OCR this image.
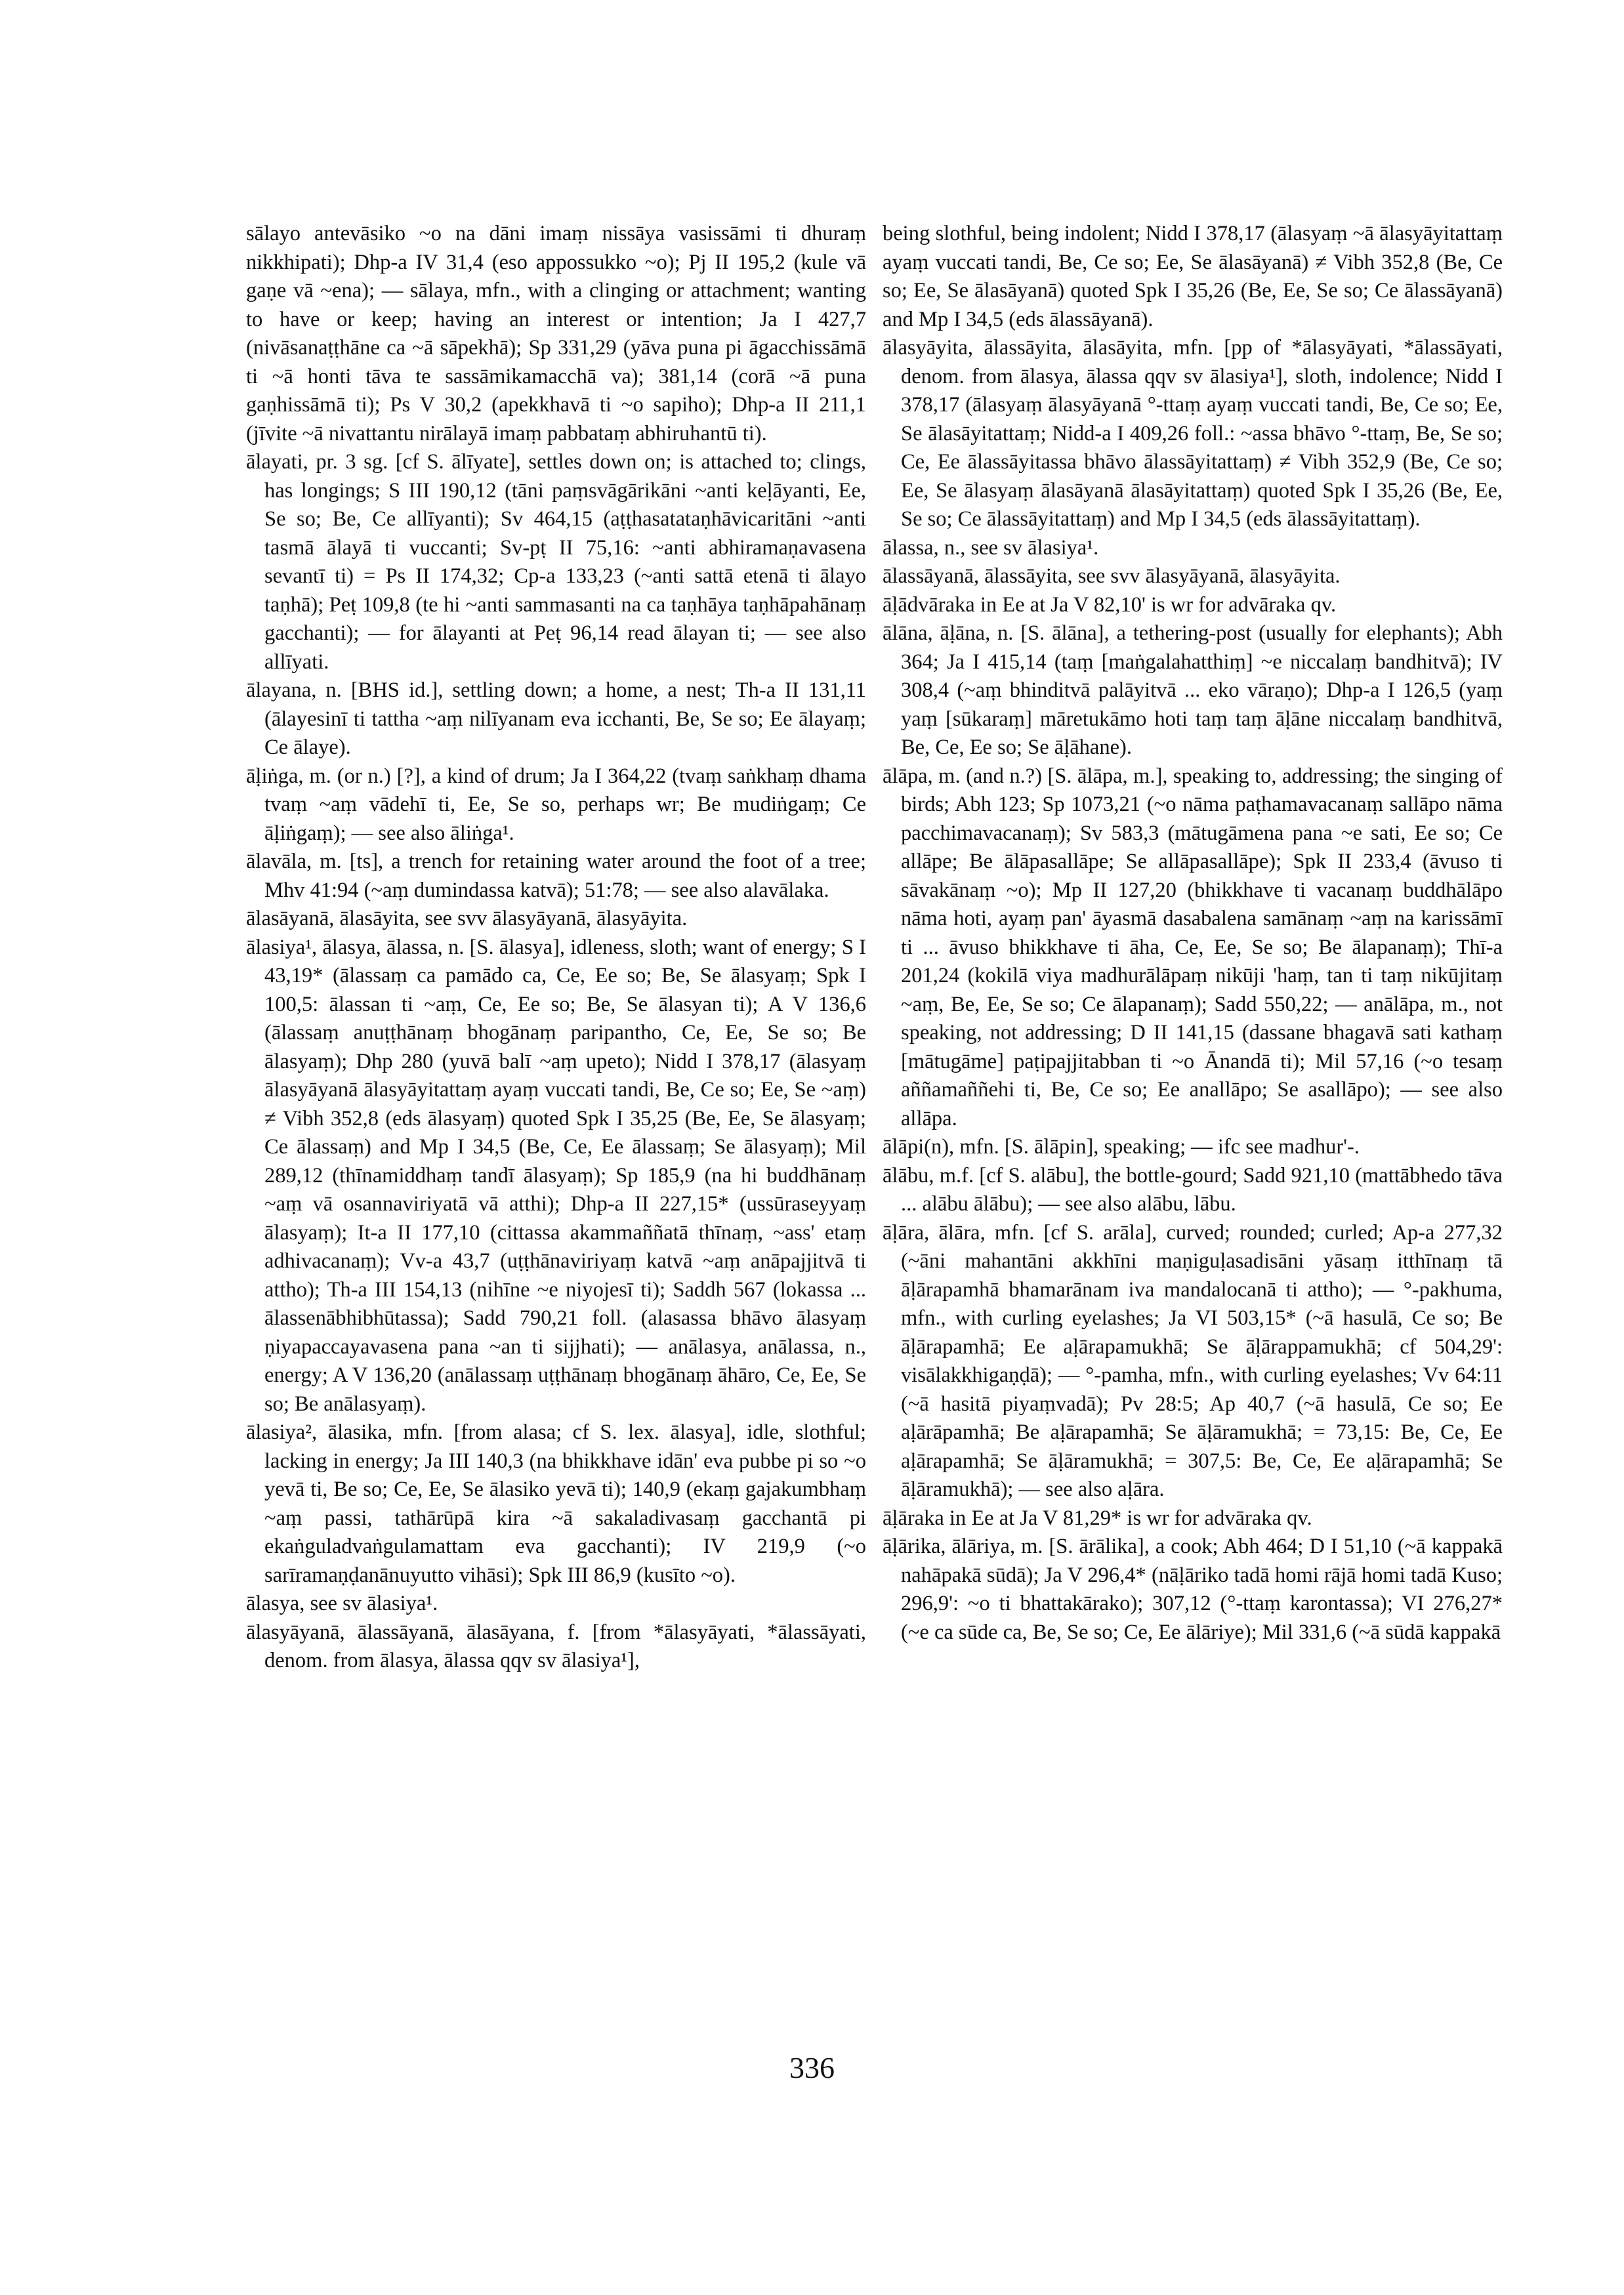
sālayo antevāsiko ~o na dāni imaṃ nissāya vasissāmi ti dhuraṃ nikkhipati); Dhp-a IV 31,4 (eso appossukko ~o); Pj II 195,2 (kule vā gaṇe vā ~ena); — sālaya, mfn., with a clinging or attachment; wanting to have or keep; having an interest or intention; Ja I 427,7 (nivāsanaṭṭhāne ca ~ā sāpekhā); Sp 331,29 (yāva puna pi āgacchissāmā ti ~ā honti tāva te sassāmikamacchā va); 381,14 (corā ~ā puna gaṇhissāmā ti); Ps V 30,2 (apekkhavā ti ~o sapiho); Dhp-a II 211,1 (jīvite ~ā nivattantu nirālayā imaṃ pabbataṃ abhiruhantū ti).

ālayati, pr. 3 sg. [cf S. ālīyate], settles down on; is attached to; clings, has longings; S III 190,12 (tāni paṃsvāgārikāni ~anti keḷāyanti, Ee, Se so; Be, Ce allīyanti); Sv 464,15 (aṭṭhasatataṇhāvicaritāni ~anti tasmā ālayā ti vuccanti; Sv-pṭ II 75,16: ~anti abhiramaṇavasena sevantī ti) = Ps II 174,32; Cp-a 133,23 (~anti sattā etenā ti ālayo taṇhā); Peṭ 109,8 (te hi ~anti sammasanti na ca taṇhāya taṇhāpahānaṃ gacchanti); — for ālayanti at Peṭ 96,14 read ālayan ti; — see also allīyati.

ālayana, n. [BHS id.], settling down; a home, a nest; Th-a II 131,11 (ālayesinī ti tattha ~aṃ nilīyanam eva icchanti, Be, Se so; Ee ālayaṃ; Ce ālaye).

āḷiṅga, m. (or n.) [?], a kind of drum; Ja I 364,22 (tvaṃ saṅkhaṃ dhama tvaṃ ~aṃ vādehī ti, Ee, Se so, perhaps wr; Be mudiṅgaṃ; Ce āḷiṅgaṃ); — see also āliṅga¹.

ālavāla, m. [ts], a trench for retaining water around the foot of a tree; Mhv 41:94 (~aṃ dumindassa katvā); 51:78; — see also alavālaka.

ālasāyanā, ālasāyita, see svv ālasyāyanā, ālasyāyita.

ālasiya¹, ālasya, ālassa, n. [S. ālasya], idleness, sloth; want of energy; S I 43,19* (ālassaṃ ca pamādo ca, Ce, Ee so; Be, Se ālasyaṃ; Spk I 100,5: ālassan ti ~aṃ, Ce, Ee so; Be, Se ālasyan ti); A V 136,6 (ālassaṃ anuṭṭhānaṃ bhogānaṃ paripantho, Ce, Ee, Se so; Be ālasyaṃ); Dhp 280 (yuvā balī ~aṃ upeto); Nidd I 378,17 (ālasyaṃ ālasyāyanā ālasyāyitattaṃ ayaṃ vuccati tandi, Be, Ce so; Ee, Se ~aṃ) ≠ Vibh 352,8 (eds ālasyaṃ) quoted Spk I 35,25 (Be, Ee, Se ālasyaṃ; Ce ālassaṃ) and Mp I 34,5 (Be, Ce, Ee ālassaṃ; Se ālasyaṃ); Mil 289,12 (thīnamiddhaṃ tandī ālasyaṃ); Sp 185,9 (na hi buddhānaṃ ~aṃ vā osannaviriyatā vā atthi); Dhp-a II 227,15* (ussūraseyyaṃ ālasyaṃ); It-a II 177,10 (cittassa akammaññatā thīnaṃ, ~ass' etaṃ adhivacanaṃ); Vv-a 43,7 (uṭṭhānaviriyaṃ katvā ~aṃ anāpajjitvā ti attho); Th-a III 154,13 (nihīne ~e niyojesī ti); Saddh 567 (lokassa ... ālassenābhibhūtassa); Sadd 790,21 foll. (alasassa bhāvo ālasyaṃ ṇiyapaccayavasena pana ~an ti sijjhati); — anālasya, anālassa, n., energy; A V 136,20 (anālassaṃ uṭṭhānaṃ bhogānaṃ āhāro, Ce, Ee, Se so; Be anālasyaṃ).

ālasiya², ālasika, mfn. [from alasa; cf S. lex. ālasya], idle, slothful; lacking in energy; Ja III 140,3 (na bhikkhave idān' eva pubbe pi so ~o yevā ti, Be so; Ce, Ee, Se ālasiko yevā ti); 140,9 (ekaṃ gajakumbhaṃ ~aṃ passi, tathārūpā kira ~ā sakaladivasaṃ gacchantā pi ekaṅguladvaṅgulamattam eva gacchanti); IV 219,9 (~o sarīramaṇḍanānuyutto vihāsi); Spk III 86,9 (kusīto ~o).

ālasya, see sv ālasiya¹.

ālasyāyanā, ālassāyanā, ālasāyana, f. [from *ālasyāyati, *ālassāyati, denom. from ālasya, ālassa qqv sv ālasiya¹],

being slothful, being indolent; Nidd I 378,17 (ālasyaṃ ~ā ālasyāyitattaṃ ayaṃ vuccati tandi, Be, Ce so; Ee, Se ālasāyanā) ≠ Vibh 352,8 (Be, Ce so; Ee, Se ālasāyanā) quoted Spk I 35,26 (Be, Ee, Se so; Ce ālassāyanā) and Mp I 34,5 (eds ālassāyanā).

ālasyāyita, ālassāyita, ālasāyita, mfn. [pp of *ālasyāyati, *ālassāyati, denom. from ālasya, ālassa qqv sv ālasiya¹], sloth, indolence; Nidd I 378,17 (ālasyaṃ ālasyāyanā °-ttaṃ ayaṃ vuccati tandi, Be, Ce so; Ee, Se ālasāyitattaṃ; Nidd-a I 409,26 foll.: ~assa bhāvo °-ttaṃ, Be, Se so; Ce, Ee ālassāyitassa bhāvo ālassāyitattaṃ) ≠ Vibh 352,9 (Be, Ce so; Ee, Se ālasyaṃ ālasāyanā ālasāyitattaṃ) quoted Spk I 35,26 (Be, Ee, Se so; Ce ālassāyitattaṃ) and Mp I 34,5 (eds ālassāyitattaṃ).

ālassa, n., see sv ālasiya¹.

ālassāyanā, ālassāyita, see svv ālasyāyanā, ālasyāyita.

āḷādvāraka in Ee at Ja V 82,10' is wr for advāraka qv.

ālāna, āḷāna, n. [S. ālāna], a tethering-post (usually for elephants); Abh 364; Ja I 415,14 (taṃ [maṅgalahatthiṃ] ~e niccalaṃ bandhitvā); IV 308,4 (~aṃ bhinditvā palāyitvā ... eko vāraṇo); Dhp-a I 126,5 (yaṃ yaṃ [sūkaraṃ] māretukāmo hoti taṃ taṃ āḷāne niccalaṃ bandhitvā, Be, Ce, Ee so; Se āḷāhane).

ālāpa, m. (and n.?) [S. ālāpa, m.], speaking to, addressing; the singing of birds; Abh 123; Sp 1073,21 (~o nāma paṭhamavacanaṃ sallāpo nāma pacchimavacanaṃ); Sv 583,3 (mātugāmena pana ~e sati, Ee so; Ce allāpe; Be ālāpasallāpe; Se allāpasallāpe); Spk II 233,4 (āvuso ti sāvakānaṃ ~o); Mp II 127,20 (bhikkhave ti vacanaṃ buddhālāpo nāma hoti, ayaṃ pan' āyasmā dasabalena samānaṃ ~aṃ na karissāmī ti ... āvuso bhikkhave ti āha, Ce, Ee, Se so; Be ālapanaṃ); Thī-a 201,24 (kokilā viya madhurālāpaṃ nikūji 'haṃ, tan ti taṃ nikūjitaṃ ~aṃ, Be, Ee, Se so; Ce ālapanaṃ); Sadd 550,22; — anālāpa, m., not speaking, not addressing; D II 141,15 (dassane bhagavā sati kathaṃ [mātugāme] paṭipajjitabban ti ~o Ānandā ti); Mil 57,16 (~o tesaṃ aññamaññehi ti, Be, Ce so; Ee anallāpo; Se asallāpo); — see also allāpa.

ālāpi(n), mfn. [S. ālāpin], speaking; — ifc see madhur'-.

ālābu, m.f. [cf S. alābu], the bottle-gourd; Sadd 921,10 (mattābhedo tāva ... alābu ālābu); — see also alābu, lābu.

āḷāra, ālāra, mfn. [cf S. arāla], curved; rounded; curled; Ap-a 277,32 (~āni mahantāni akkhīni maṇiguḷasadisāni yāsaṃ itthīnaṃ tā āḷārapamhā bhamarānam iva mandalocanā ti attho); — °-pakhuma, mfn., with curling eyelashes; Ja VI 503,15* (~ā hasulā, Ce so; Be āḷārapamhā; Ee aḷārapamukhā; Se āḷārappamukhā; cf 504,29': visālakkhigaṇḍā); — °-pamha, mfn., with curling eyelashes; Vv 64:11 (~ā hasitā piyaṃvadā); Pv 28:5; Ap 40,7 (~ā hasulā, Ce so; Ee aḷārāpamhā; Be aḷārapamhā; Se āḷāramukhā; = 73,15: Be, Ce, Ee aḷārapamhā; Se āḷāramukhā; = 307,5: Be, Ce, Ee aḷārapamhā; Se āḷāramukhā); — see also aḷāra.

āḷāraka in Ee at Ja V 81,29* is wr for advāraka qv.

āḷārika, ālāriya, m. [S. ārālika], a cook; Abh 464; D I 51,10 (~ā kappakā nahāpakā sūdā); Ja V 296,4* (nāḷāriko tadā homi rājā homi tadā Kuso; 296,9': ~o ti bhattakārako); 307,12 (°-ttaṃ karontassa); VI 276,27* (~e ca sūde ca, Be, Se so; Ce, Ee ālāriye); Mil 331,6 (~ā sūdā kappakā

336
